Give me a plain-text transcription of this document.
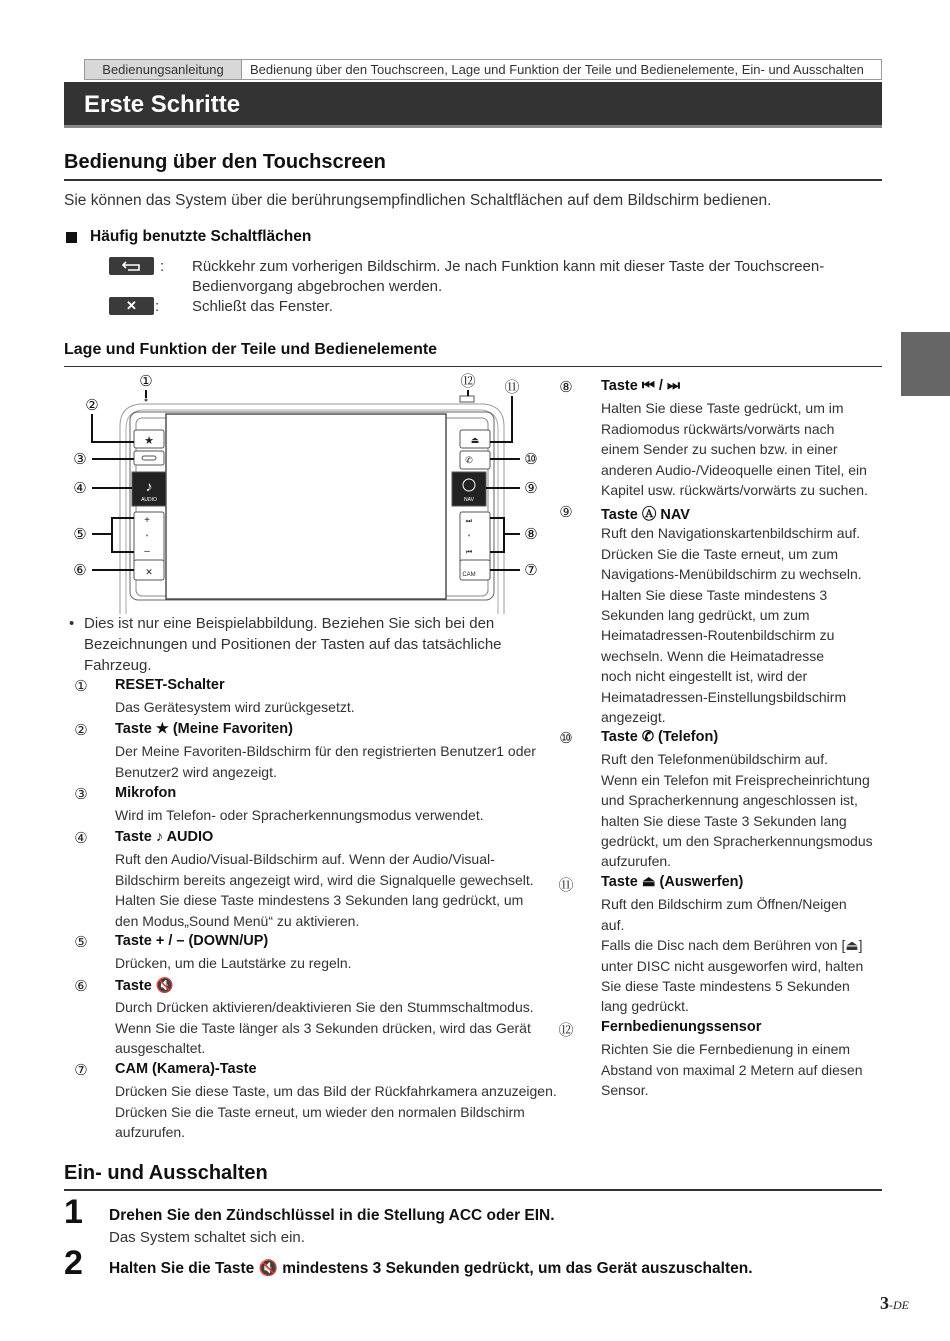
Bedienungsanleitung	Bedienung über den Touchscreen, Lage und Funktion der Teile und Bedienelemente, Ein- und Ausschalten
Erste Schritte
Bedienung über den Touchscreen
Sie können das System über die berührungsempfindlichen Schaltflächen auf dem Bildschirm bedienen.
Häufig benutzte Schaltflächen
: Rückkehr zum vorherigen Bildschirm. Je nach Funktion kann mit dieser Taste der Touchscreen-
Bedienvorgang abgebrochen werden.
✕	: Schließt das Fenster.
Lage und Funktion der Teile und Bedienelemente
★
♪
AUDIO
+
•
–
✕
⏏
✆
NAV
⏭
•
⏮
CAM
①
②
③
④
⑤
⑥	⑦
⑧
⑨
⑩
⑪
⑫
• Dies ist nur eine Beispielabbildung. Beziehen Sie sich bei den
Bezeichnungen und Positionen der Tasten auf das tatsächliche
Fahrzeug.
① RESET-Schalter
Das Gerätesystem wird zurückgesetzt.
② Taste ★ (Meine Favoriten)
Der Meine Favoriten-Bildschirm für den registrierten Benutzer1 oder
Benutzer2 wird angezeigt.
③ Mikrofon
Wird im Telefon- oder Spracherkennungsmodus verwendet.
④ Taste ♪ AUDIO
Ruft den Audio/Visual-Bildschirm auf. Wenn der Audio/Visual-
Bildschirm bereits angezeigt wird, wird die Signalquelle gewechselt.
Halten Sie diese Taste mindestens 3 Sekunden lang gedrückt, um
den Modus„Sound Menü“ zu aktivieren.
⑤ Taste + / – (DOWN/UP)
Drücken, um die Lautstärke zu regeln.
⑥ Taste 🔇
Durch Drücken aktivieren/deaktivieren Sie den Stummschaltmodus.
Wenn Sie die Taste länger als 3 Sekunden drücken, wird das Gerät
ausgeschaltet.
⑦ CAM (Kamera)-Taste
Drücken Sie diese Taste, um das Bild der Rückfahrkamera anzuzeigen.
Drücken Sie die Taste erneut, um wieder den normalen Bildschirm
aufzurufen.
⑧ Taste ⏮ / ⏭
Halten Sie diese Taste gedrückt, um im
Radiomodus rückwärts/vorwärts nach
einem Sender zu suchen bzw. in einer
anderen Audio-/Videoquelle einen Titel, ein
Kapitel usw. rückwärts/vorwärts zu suchen.
⑨ Taste Ⓐ NAV
Ruft den Navigationskartenbildschirm auf.
Drücken Sie die Taste erneut, um zum
Navigations-Menübildschirm zu wechseln.
Halten Sie diese Taste mindestens 3
Sekunden lang gedrückt, um zum
Heimatadressen-Routenbildschirm zu
wechseln. Wenn die Heimatadresse
noch nicht eingestellt ist, wird der
Heimatadressen-Einstellungsbildschirm
angezeigt.
⑩ Taste ✆ (Telefon)
Ruft den Telefonmenübildschirm auf.
Wenn ein Telefon mit Freisprecheinrichtung
und Spracherkennung angeschlossen ist,
halten Sie diese Taste 3 Sekunden lang
gedrückt, um den Spracherkennungsmodus
aufzurufen.
⑪ Taste ⏏ (Auswerfen)
Ruft den Bildschirm zum Öffnen/Neigen
auf.
Falls die Disc nach dem Berühren von [⏏]
unter DISC nicht ausgeworfen wird, halten
Sie diese Taste mindestens 5 Sekunden
lang gedrückt.
⑫ Fernbedienungssensor
Richten Sie die Fernbedienung in einem
Abstand von maximal 2 Metern auf diesen
Sensor.
Ein- und Ausschalten
1 Drehen Sie den Zündschlüssel in die Stellung ACC oder EIN.
Das System schaltet sich ein.
2 Halten Sie die Taste 🔇 mindestens 3 Sekunden gedrückt, um das Gerät auszuschalten.
3-DE
